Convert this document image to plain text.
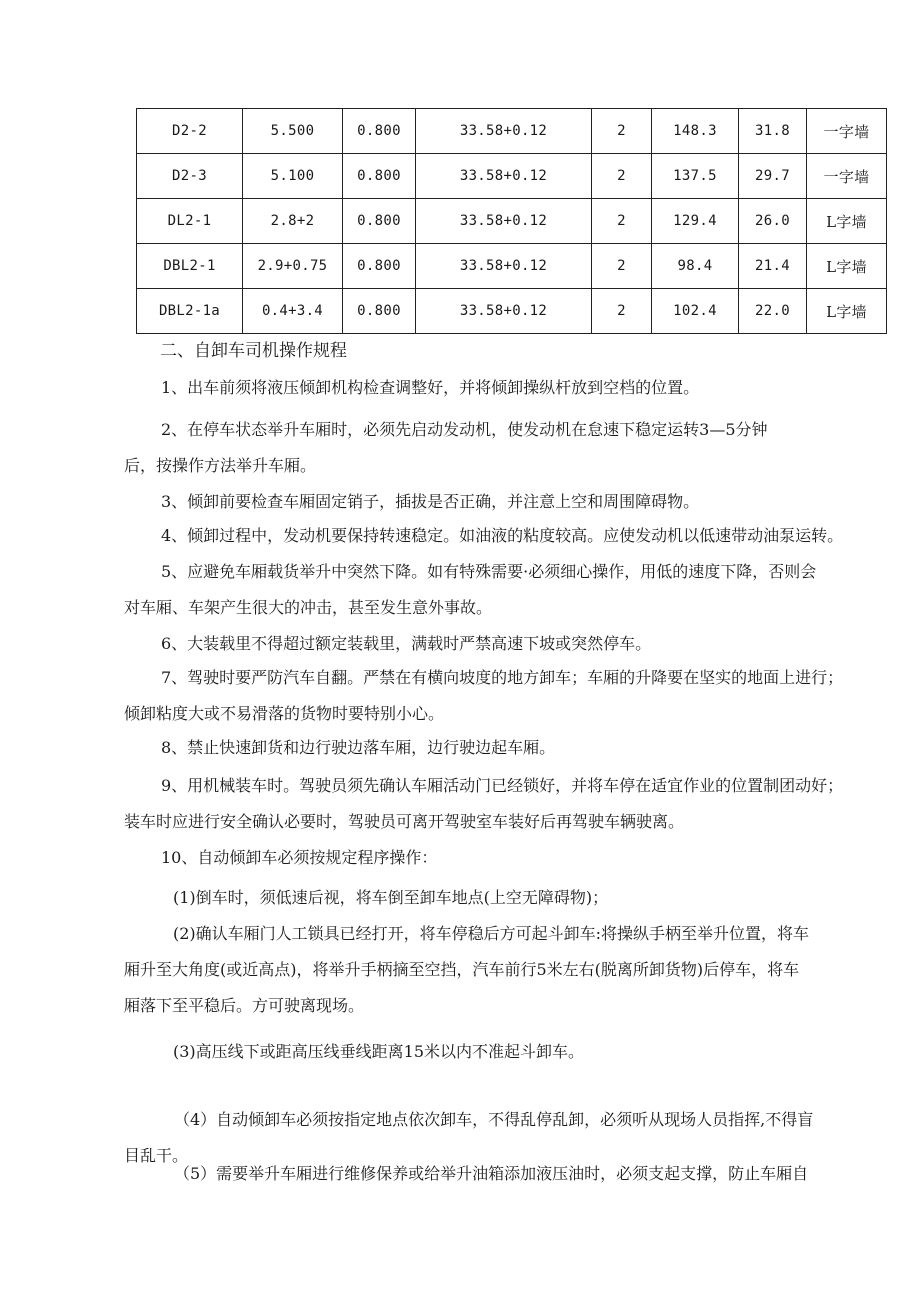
D2-2	5.500	0.800	33.58+0.12	2	148.3	31.8	一字墙
D2-3	5.100	0.800	33.58+0.12	2	137.5	29.7	一字墙
DL2-1	2.8+2	0.800	33.58+0.12	2	129.4	26.0	L字墙
DBL2-1	2.9+0.75	0.800	33.58+0.12	2	98.4	21.4	L字墙
DBL2-1a	0.4+3.4	0.800	33.58+0.12	2	102.4	22.0	L字墙
二、自卸车司机操作规程
1、出车前须将液压倾卸机构检查调整好，并将倾卸操纵杆放到空档的位置。
2、在停车状态举升车厢时，必须先启动发动机，使发动机在怠速下稳定运转3—5分钟
后，按操作方法举升车厢。
3、倾卸前要检查车厢固定销子，插拔是否正确，并注意上空和周围障碍物。
4、倾卸过程中，发动机要保持转速稳定。如油液的粘度较高。应使发动机以低速带动油泵运转。
5、应避免车厢载货举升中突然下降。如有特殊需要·必须细心操作，用低的速度下降，否则会
对车厢、车架产生很大的冲击，甚至发生意外事故。
6、大装载里不得超过额定装载里，满载时严禁高速下坡或突然停车。
7、驾驶时要严防汽车自翻。严禁在有横向坡度的地方卸车；车厢的升降要在坚实的地面上进行；
倾卸粘度大或不易滑落的货物时要特别小心。
8、禁止快速卸货和边行驶边落车厢，边行驶边起车厢。
9、用机械装车时。驾驶员须先确认车厢活动门已经锁好，并将车停在适宜作业的位置制团动好；
装车时应进行安全确认必要时，驾驶员可离开驾驶室车装好后再驾驶车辆驶离。
10、自动倾卸车必须按规定程序操作：
(1)倒车时，须低速后视，将车倒至卸车地点(上空无障碍物)；
(2)确认车厢门人工锁具已经打开，将车停稳后方可起斗卸车:将操纵手柄至举升位置，将车
厢升至大角度(或近高点)，将举升手柄摘至空挡，汽车前行5米左右(脱离所卸货物)后停车，将车
厢落下至平稳后。方可驶离现场。
(3)高压线下或距高压线垂线距离15米以内不准起斗卸车。
（4）自动倾卸车必须按指定地点依次卸车，不得乱停乱卸，必须听从现场人员指挥,不得盲
目乱干。
（5）需要举升车厢进行维修保养或给举升油箱添加液压油时，必须支起支撑，防止车厢自
